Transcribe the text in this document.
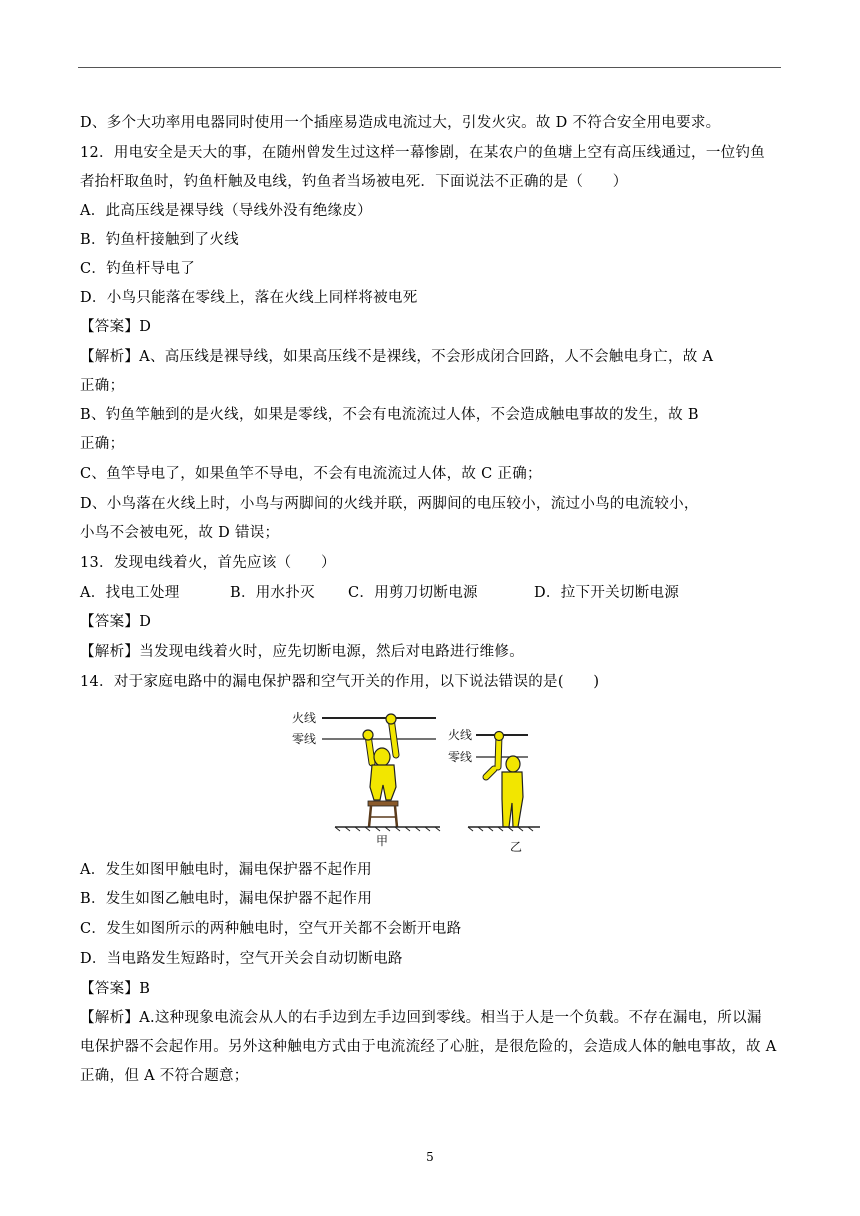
D、多个大功率用电器同时使用一个插座易造成电流过大，引发火灾。故 D 不符合安全用电要求。
12．用电安全是天大的事，在随州曾发生过这样一幕惨剧，在某农户的鱼塘上空有高压线通过，一位钓鱼
者抬杆取鱼时，钓鱼杆触及电线，钓鱼者当场被电死．下面说法不正确的是（　　）
A．此高压线是裸导线（导线外没有绝缘皮）
B．钓鱼杆接触到了火线
C．钓鱼杆导电了
D．小鸟只能落在零线上，落在火线上同样将被电死
【答案】D
【解析】A、高压线是裸导线，如果高压线不是裸线，不会形成闭合回路，人不会触电身亡，故 A
正确；
B、钓鱼竿触到的是火线，如果是零线，不会有电流流过人体，不会造成触电事故的发生，故 B
正确；
C、鱼竿导电了，如果鱼竿不导电，不会有电流流过人体，故 C 正确；
D、小鸟落在火线上时，小鸟与两脚间的火线并联，两脚间的电压较小，流过小鸟的电流较小，
小鸟不会被电死，故 D 错误；
13．发现电线着火，首先应该（　　）
A．找电工处理	B．用水扑灭 C．用剪刀切断电源	D．拉下开关切断电源
【答案】D
【解析】当发现电线着火时，应先切断电源，然后对电路进行维修。
14．对于家庭电路中的漏电保护器和空气开关的作用，以下说法错误的是(　　)
火线
零线
甲
火线
零线
乙
A．发生如图甲触电时，漏电保护器不起作用
B．发生如图乙触电时，漏电保护器不起作用
C．发生如图所示的两种触电时，空气开关都不会断开电路
D．当电路发生短路时，空气开关会自动切断电路
【答案】B
【解析】A.这种现象电流会从人的右手边到左手边回到零线。相当于人是一个负载。不存在漏电，所以漏
电保护器不会起作用。另外这种触电方式由于电流流经了心脏，是很危险的，会造成人体的触电事故，故 A
正确，但 A 不符合题意；
5
